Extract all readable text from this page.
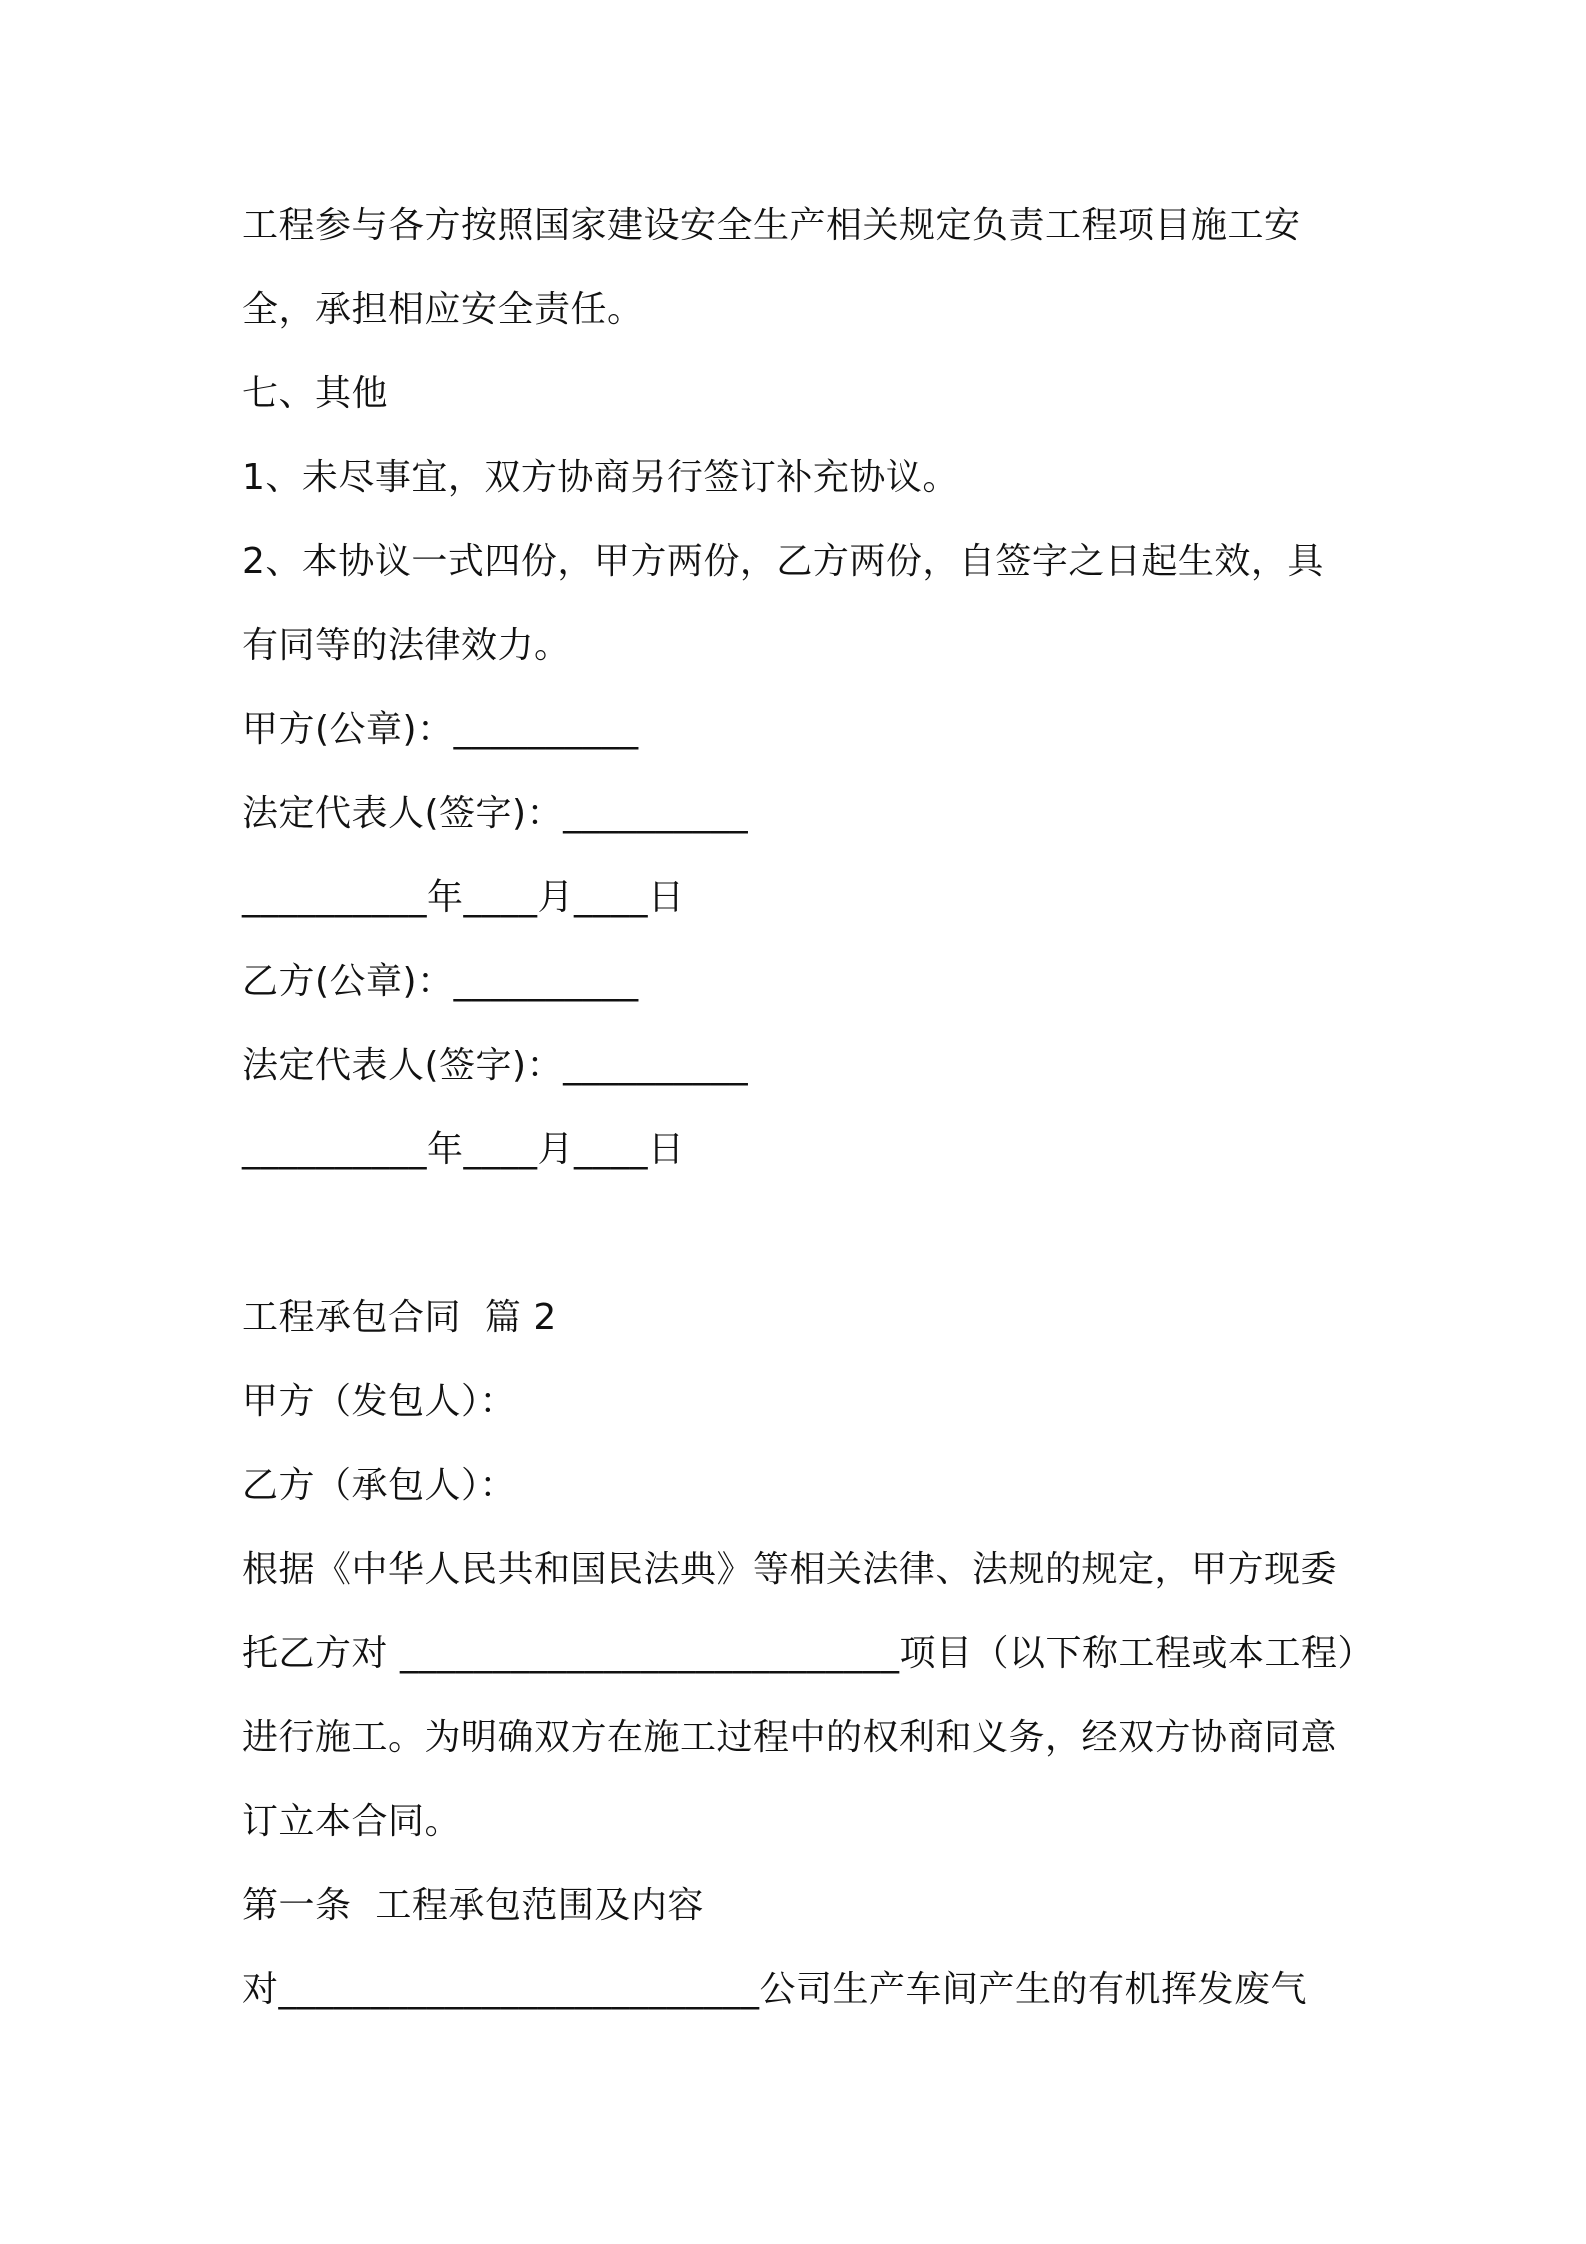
工程参与各方按照国家建设安全生产相关规定负责工程项目施工安
全，承担相应安全责任。
七、其他
1、未尽事宜，双方协商另行签订补充协议。
2、本协议一式四份，甲方两份，乙方两份，自签字之日起生效，具
有同等的法律效力。
甲方(公章)：__________
法定代表人(签字)：__________
__________年____月____日
乙方(公章)：__________
法定代表人(签字)：__________
__________年____月____日
工程承包合同  篇 2
甲方（发包人）：
乙方（承包人）：
根据《中华人民共和国民法典》等相关法律、法规的规定，甲方现委
托乙方对 ___________________________项目（以下称工程或本工程）
进行施工。为明确双方在施工过程中的权利和义务，经双方协商同意
订立本合同。
第一条  工程承包范围及内容
对__________________________公司生产车间产生的有机挥发废气
